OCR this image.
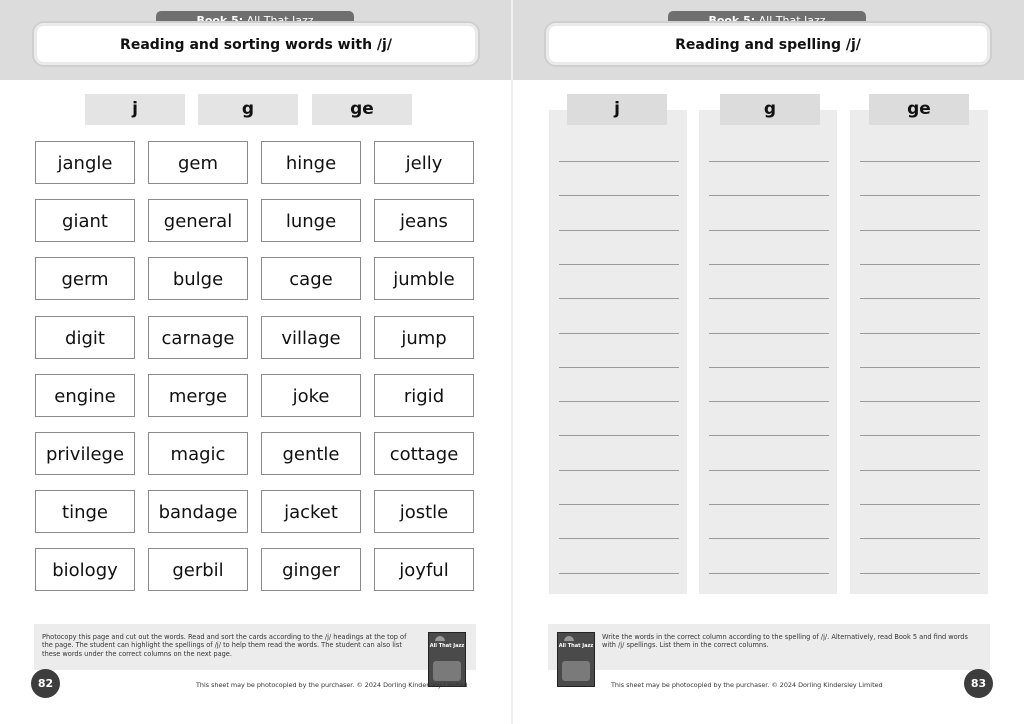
Reading and sorting words with /j/
j	g	ge
jangle	gem	hinge	jelly
giant	general	lunge	jeans
germ	bulge	cage	jumble
digit	carnage	village	jump
engine	merge	joke	rigid
privilege	magic	gentle	cottage
tinge	bandage	jacket	jostle
biology	gerbil	ginger	joyful
Photocopy this page and cut out the words. Read and sort the cards according to the /j/ headings at the top of the page. The student can highlight the spellings of /j/ to help them read the words. The student can also list these words under the correct columns on the next page.
All That Jazz
This sheet may be photocopied by the purchaser. © 2024 Dorling Kindersley Limited
82
Reading and spelling /j/
j	g	ge
Write the words in the correct column according to the spelling of /j/. Alternatively, read Book 5 and find words with /j/ spellings. List them in the correct columns.
All That Jazz
This sheet may be photocopied by the purchaser. © 2024 Dorling Kindersley Limited	83
